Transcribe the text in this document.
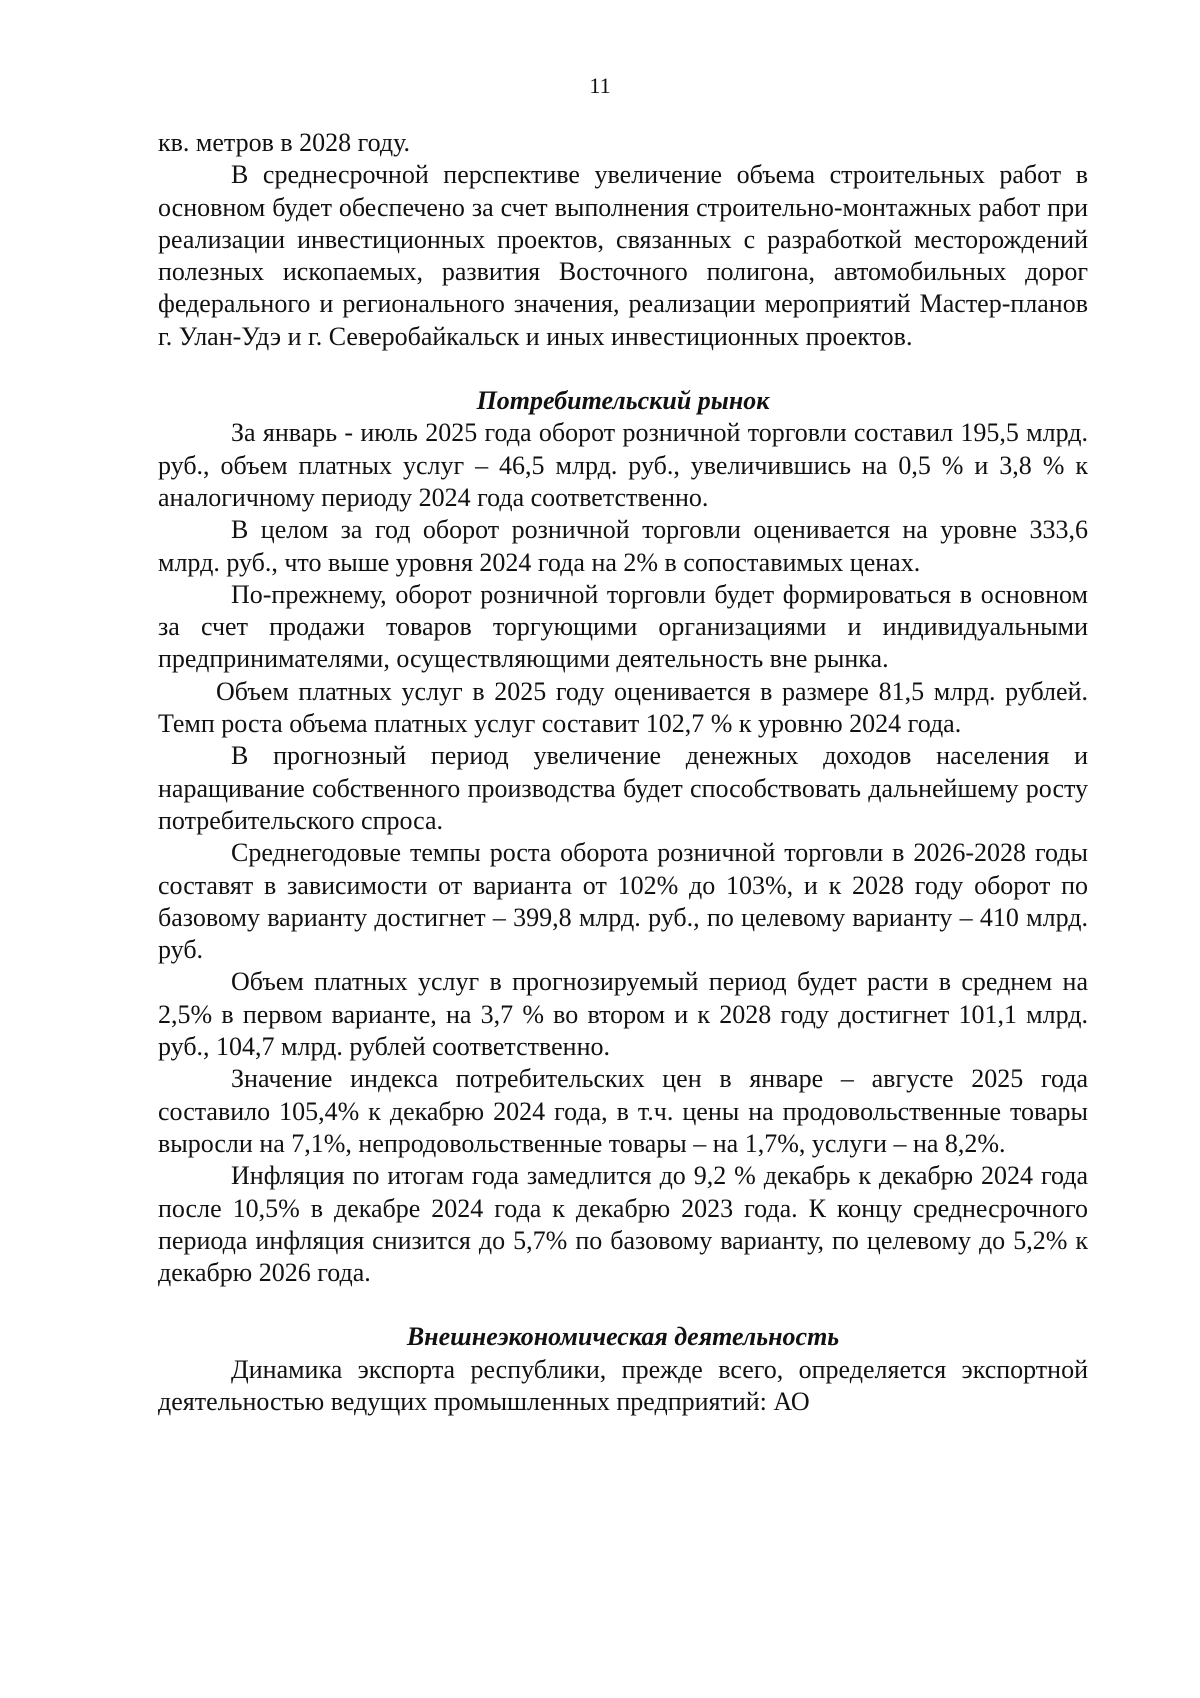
11

кв. метров в 2028 году.

В среднесрочной перспективе увеличение объема строительных работ в основном будет обеспечено за счет выполнения строительно-монтажных работ при реализации инвестиционных проектов, связанных с разработкой месторождений полезных ископаемых, развития Восточного полигона, автомобильных дорог федерального и регионального значения, реализации мероприятий Мастер-планов г. Улан-Удэ и г. Северобайкальск и иных инвестиционных проектов.

Потребительский рынок

За январь - июль 2025 года оборот розничной торговли составил 195,5 млрд. руб., объем платных услуг – 46,5 млрд. руб., увеличившись на 0,5 % и 3,8 % к аналогичному периоду 2024 года соответственно.

В целом за год оборот розничной торговли оценивается на уровне 333,6 млрд. руб., что выше уровня 2024 года на 2% в сопоставимых ценах.

По-прежнему, оборот розничной торговли будет формироваться в основном за счет продажи товаров торгующими организациями и индивидуальными предпринимателями, осуществляющими деятельность вне рынка.

Объем платных услуг в 2025 году оценивается в размере 81,5 млрд. рублей. Темп роста объема платных услуг составит 102,7 % к уровню 2024 года.

В прогнозный период увеличение денежных доходов населения и наращивание собственного производства будет способствовать дальнейшему росту потребительского спроса.

Среднегодовые темпы роста оборота розничной торговли в 2026-2028 годы составят в зависимости от варианта от 102% до 103%, и к 2028 году оборот по базовому варианту достигнет – 399,8 млрд. руб., по целевому варианту – 410 млрд. руб.

Объем платных услуг в прогнозируемый период будет расти в среднем на 2,5% в первом варианте, на 3,7 % во втором и к 2028 году достигнет 101,1 млрд. руб., 104,7 млрд. рублей соответственно.

Значение индекса потребительских цен в январе – августе 2025 года составило 105,4% к декабрю 2024 года, в т.ч. цены на продовольственные товары выросли на 7,1%, непродовольственные товары – на 1,7%, услуги – на 8,2%.

Инфляция по итогам года замедлится до 9,2 % декабрь к декабрю 2024 года после 10,5% в декабре 2024 года к декабрю 2023 года. К концу среднесрочного периода инфляция снизится до 5,7% по базовому варианту, по целевому до 5,2% к декабрю 2026 года.

Внешнеэкономическая деятельность

Динамика экспорта республики, прежде всего, определяется экспортной деятельностью ведущих промышленных предприятий: АО
